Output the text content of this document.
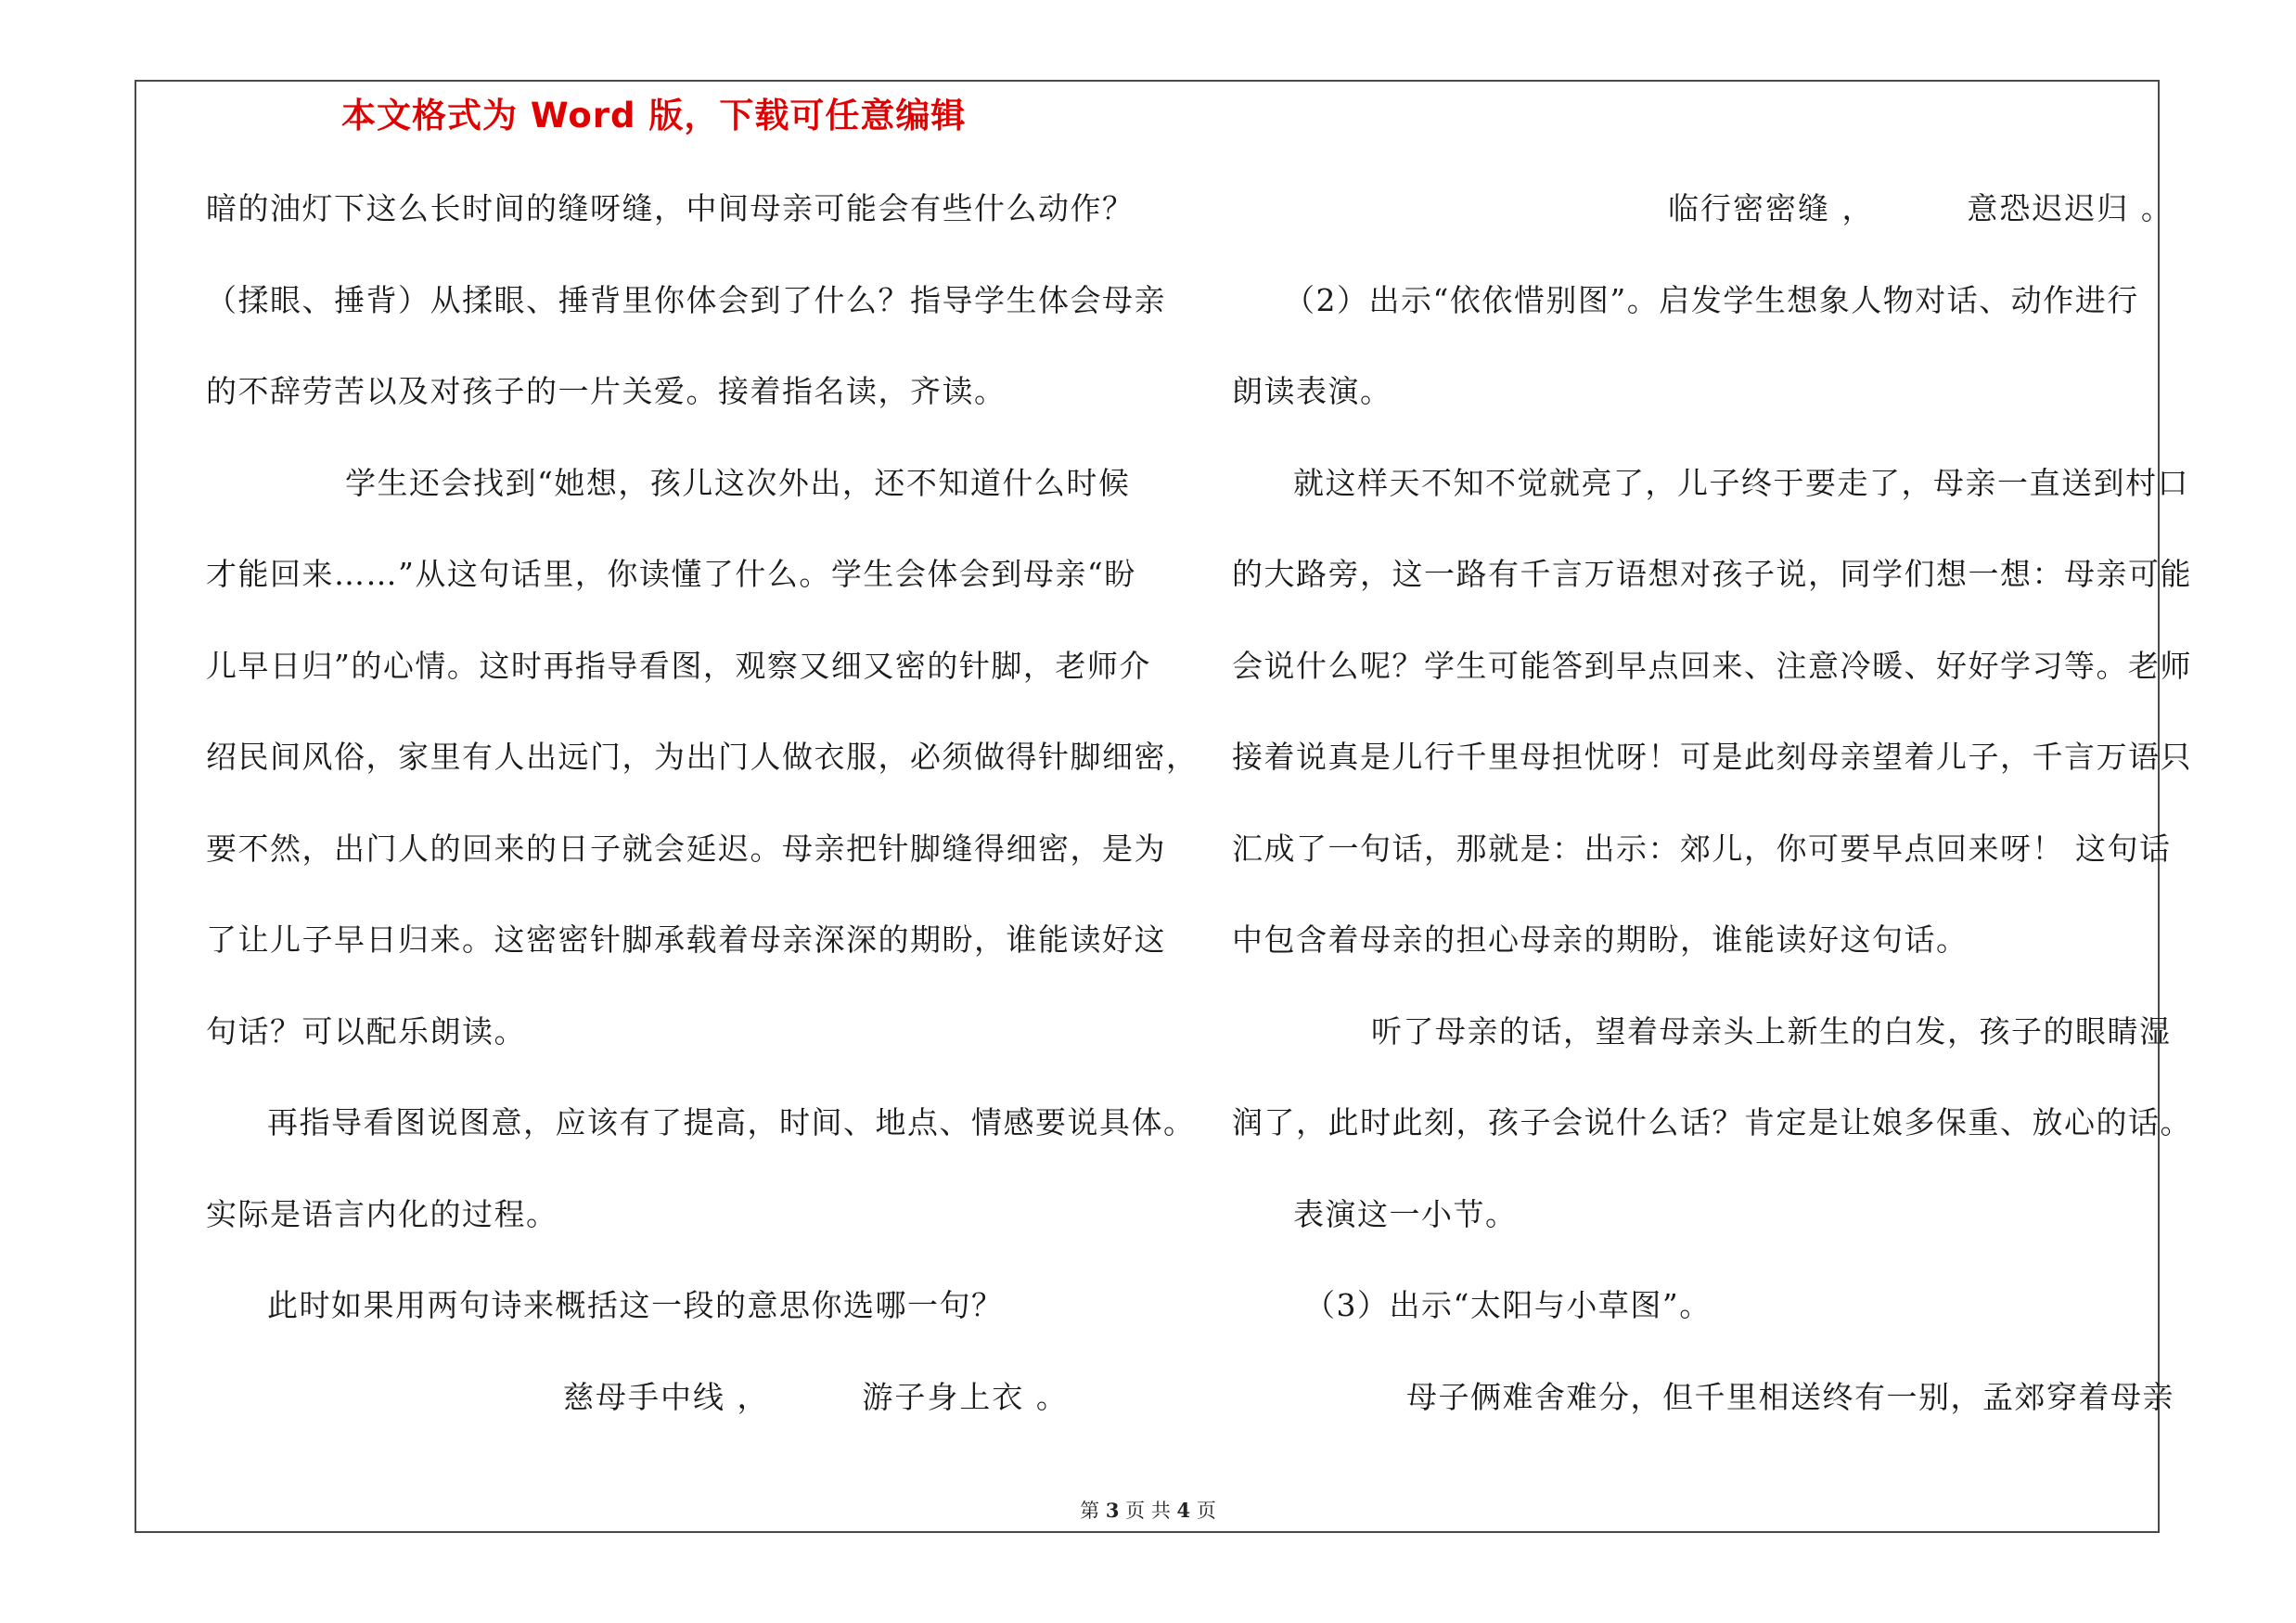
本文格式为 Word 版，下载可任意编辑
暗的油灯下这么长时间的缝呀缝，中间母亲可能会有些什么动作？
（揉眼、捶背）从揉眼、捶背里你体会到了什么？指导学生体会母亲
的不辞劳苦以及对孩子的一片关爱。接着指名读，齐读。
学生还会找到“她想，孩儿这次外出，还不知道什么时候
才能回来……”从这句话里，你读懂了什么。学生会体会到母亲“盼
儿早日归”的心情。这时再指导看图，观察又细又密的针脚，老师介
绍民间风俗，家里有人出远门，为出门人做衣服，必须做得针脚细密，
要不然，出门人的回来的日子就会延迟。母亲把针脚缝得细密，是为
了让儿子早日归来。这密密针脚承载着母亲深深的期盼，谁能读好这
句话？可以配乐朗读。
再指导看图说图意，应该有了提高，时间、地点、情感要说具体。
实际是语言内化的过程。
此时如果用两句诗来概括这一段的意思你选哪一句？
慈母手中线 ，        游子身上衣 。
临行密密缝 ，        意恐迟迟归 。
（2）出示“依依惜别图”。启发学生想象人物对话、动作进行
朗读表演。
就这样天不知不觉就亮了，儿子终于要走了，母亲一直送到村口
的大路旁，这一路有千言万语想对孩子说，同学们想一想：母亲可能
会说什么呢？学生可能答到早点回来、注意冷暖、好好学习等。老师
接着说真是儿行千里母担忧呀！可是此刻母亲望着儿子，千言万语只
汇成了一句话，那就是：出示：郊儿，你可要早点回来呀！ 这句话
中包含着母亲的担心母亲的期盼，谁能读好这句话。
听了母亲的话，望着母亲头上新生的白发，孩子的眼睛湿
润了，此时此刻，孩子会说什么话？肯定是让娘多保重、放心的话。
表演这一小节。
（3）出示“太阳与小草图”。
母子俩难舍难分，但千里相送终有一别，孟郊穿着母亲
第 3 页 共 4 页
